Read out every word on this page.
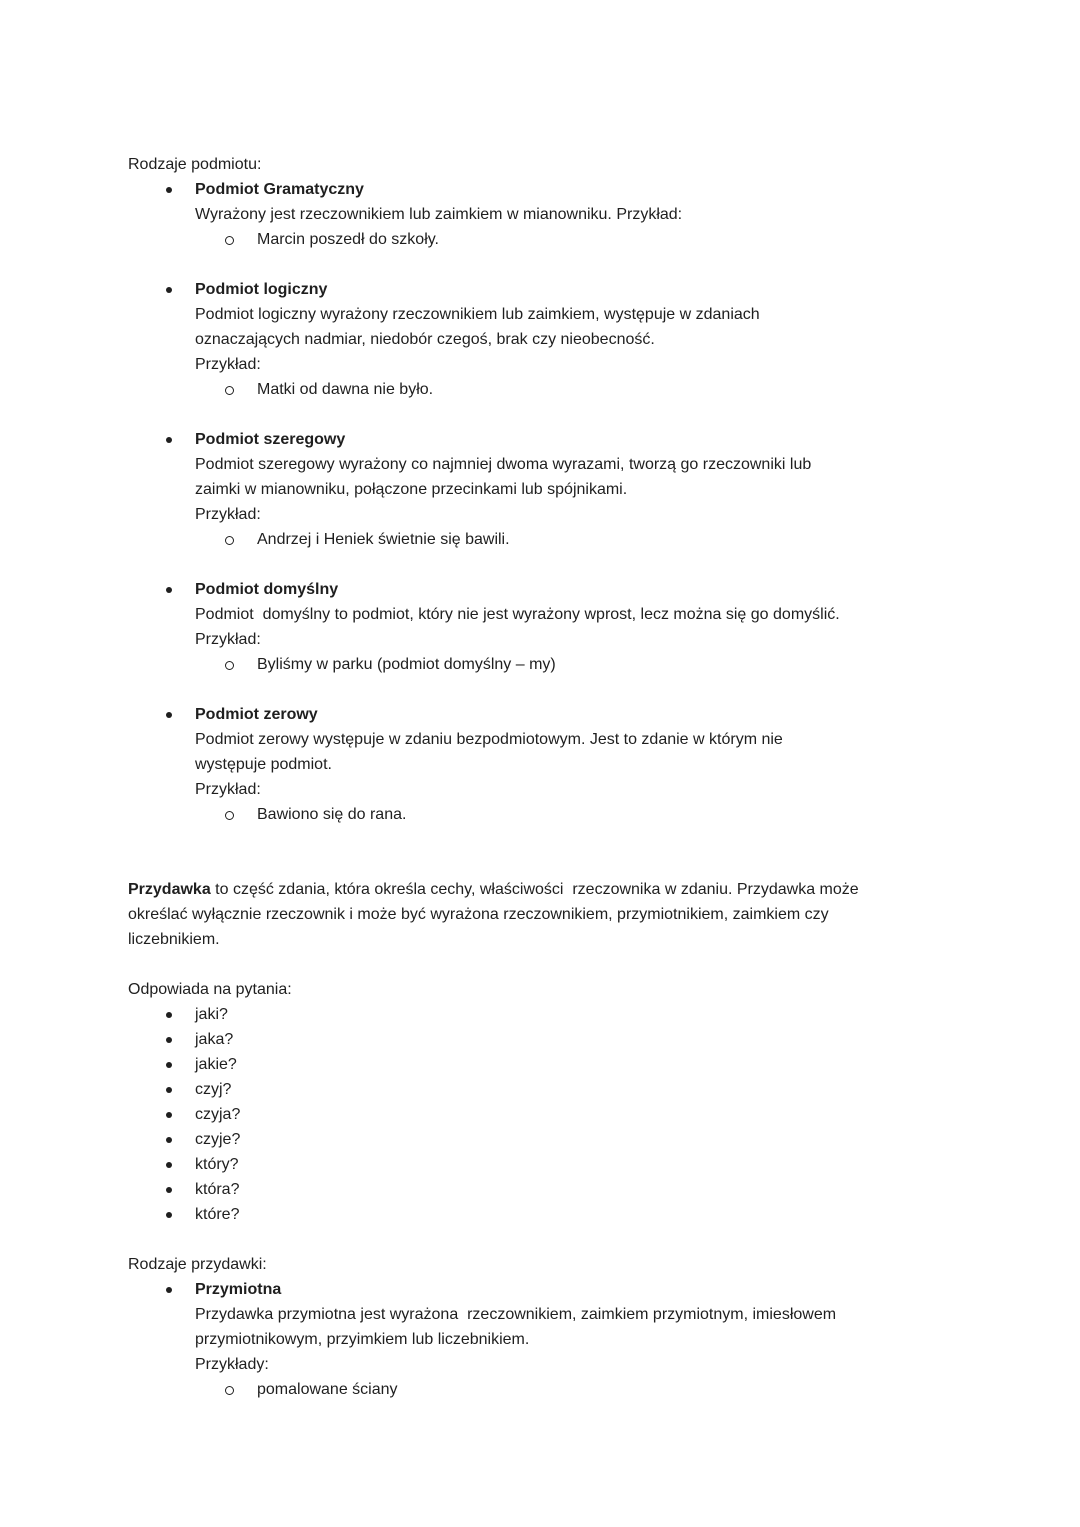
Rodzaje podmiotu:
Podmiot Gramatyczny
Wyrażony jest rzeczownikiem lub zaimkiem w mianowniku. Przykład:
Marcin poszedł do szkoły.
Podmiot logiczny
Podmiot logiczny wyrażony rzeczownikiem lub zaimkiem, występuje w zdaniach
oznaczających nadmiar, niedobór czegoś, brak czy nieobecność.
Przykład:
Matki od dawna nie było.
Podmiot szeregowy
Podmiot szeregowy wyrażony co najmniej dwoma wyrazami, tworzą go rzeczowniki lub
zaimki w mianowniku, połączone przecinkami lub spójnikami.
Przykład:
Andrzej i Heniek świetnie się bawili.
Podmiot domyślny
Podmiot  domyślny to podmiot, który nie jest wyrażony wprost, lecz można się go domyślić.
Przykład:
Byliśmy w parku (podmiot domyślny – my)
Podmiot zerowy
Podmiot zerowy występuje w zdaniu bezpodmiotowym. Jest to zdanie w którym nie
występuje podmiot.
Przykład:
Bawiono się do rana.
Przydawka to część zdania, która określa cechy, właściwości  rzeczownika w zdaniu. Przydawka może
określać wyłącznie rzeczownik i może być wyrażona rzeczownikiem, przymiotnikiem, zaimkiem czy
liczebnikiem.
Odpowiada na pytania:
jaki?
jaka?
jakie?
czyj?
czyja?
czyje?
który?
która?
które?
Rodzaje przydawki:
Przymiotna
Przydawka przymiotna jest wyrażona  rzeczownikiem, zaimkiem przymiotnym, imiesłowem
przymiotnikowym, przyimkiem lub liczebnikiem.
Przykłady:
pomalowane ściany
